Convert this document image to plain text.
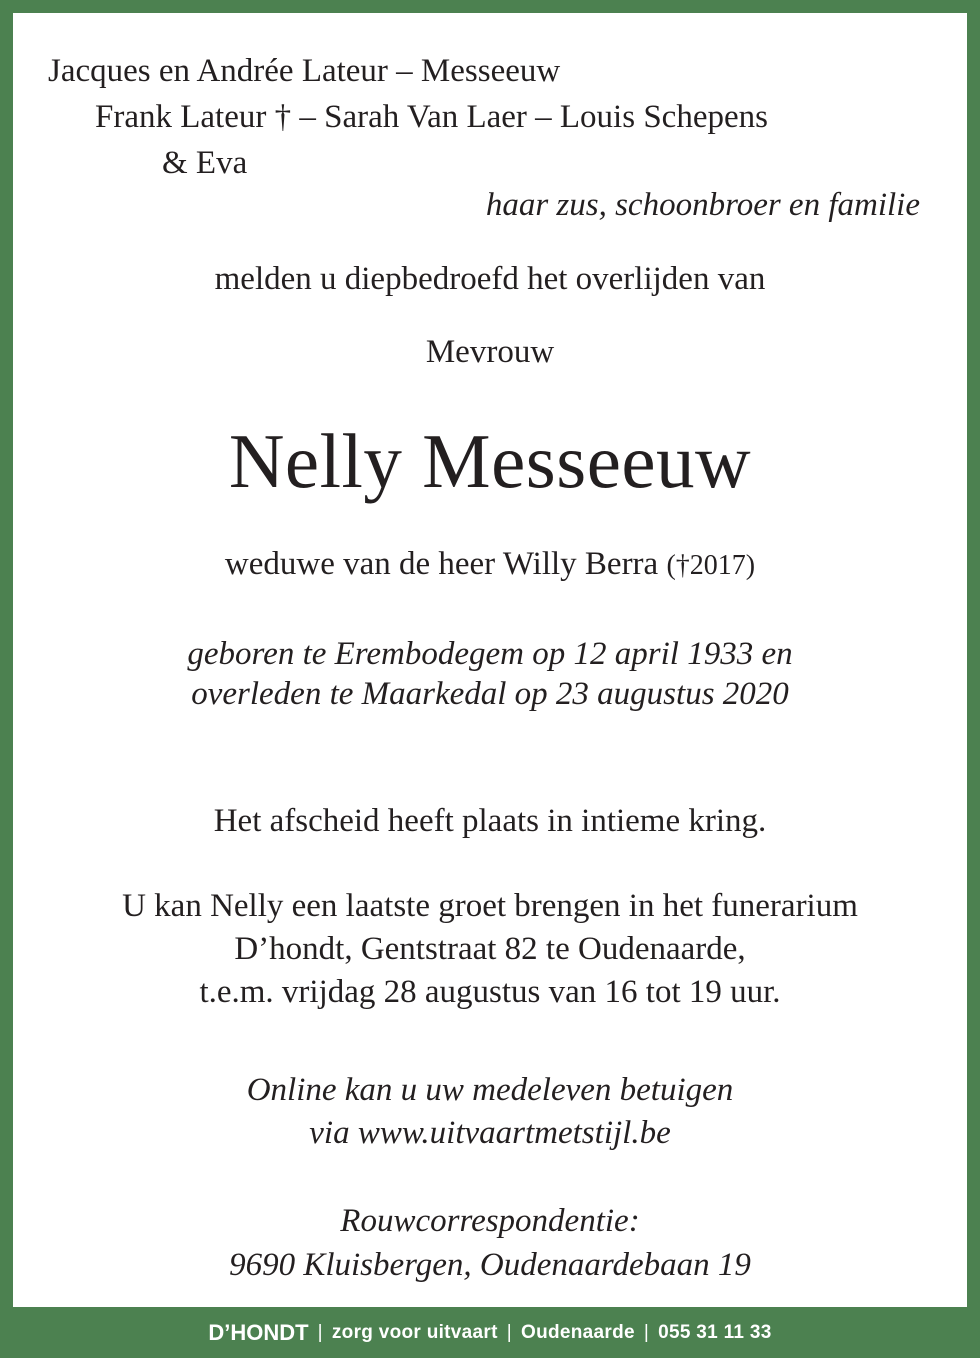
Jacques en Andrée Lateur – Messeeuw
Frank Lateur † – Sarah Van Laer – Louis Schepens
& Eva
haar zus, schoonbroer en familie
melden u diepbedroefd het overlijden van
Mevrouw
Nelly Messeeuw
weduwe van de heer Willy Berra (†2017)
geboren te Erembodegem op 12 april 1933 en
overleden te Maarkedal op 23 augustus 2020
Het afscheid heeft plaats in intieme kring.
U kan Nelly een laatste groet brengen in het funerarium
D’hondt, Gentstraat 82 te Oudenaarde,
t.e.m. vrijdag 28 augustus van 16 tot 19 uur.
Online kan u uw medeleven betuigen
via www.uitvaartmetstijl.be
Rouwcorrespondentie:
9690 Kluisbergen, Oudenaardebaan 19
D’HONDT | zorg voor uitvaart | Oudenaarde | 055 31 11 33
